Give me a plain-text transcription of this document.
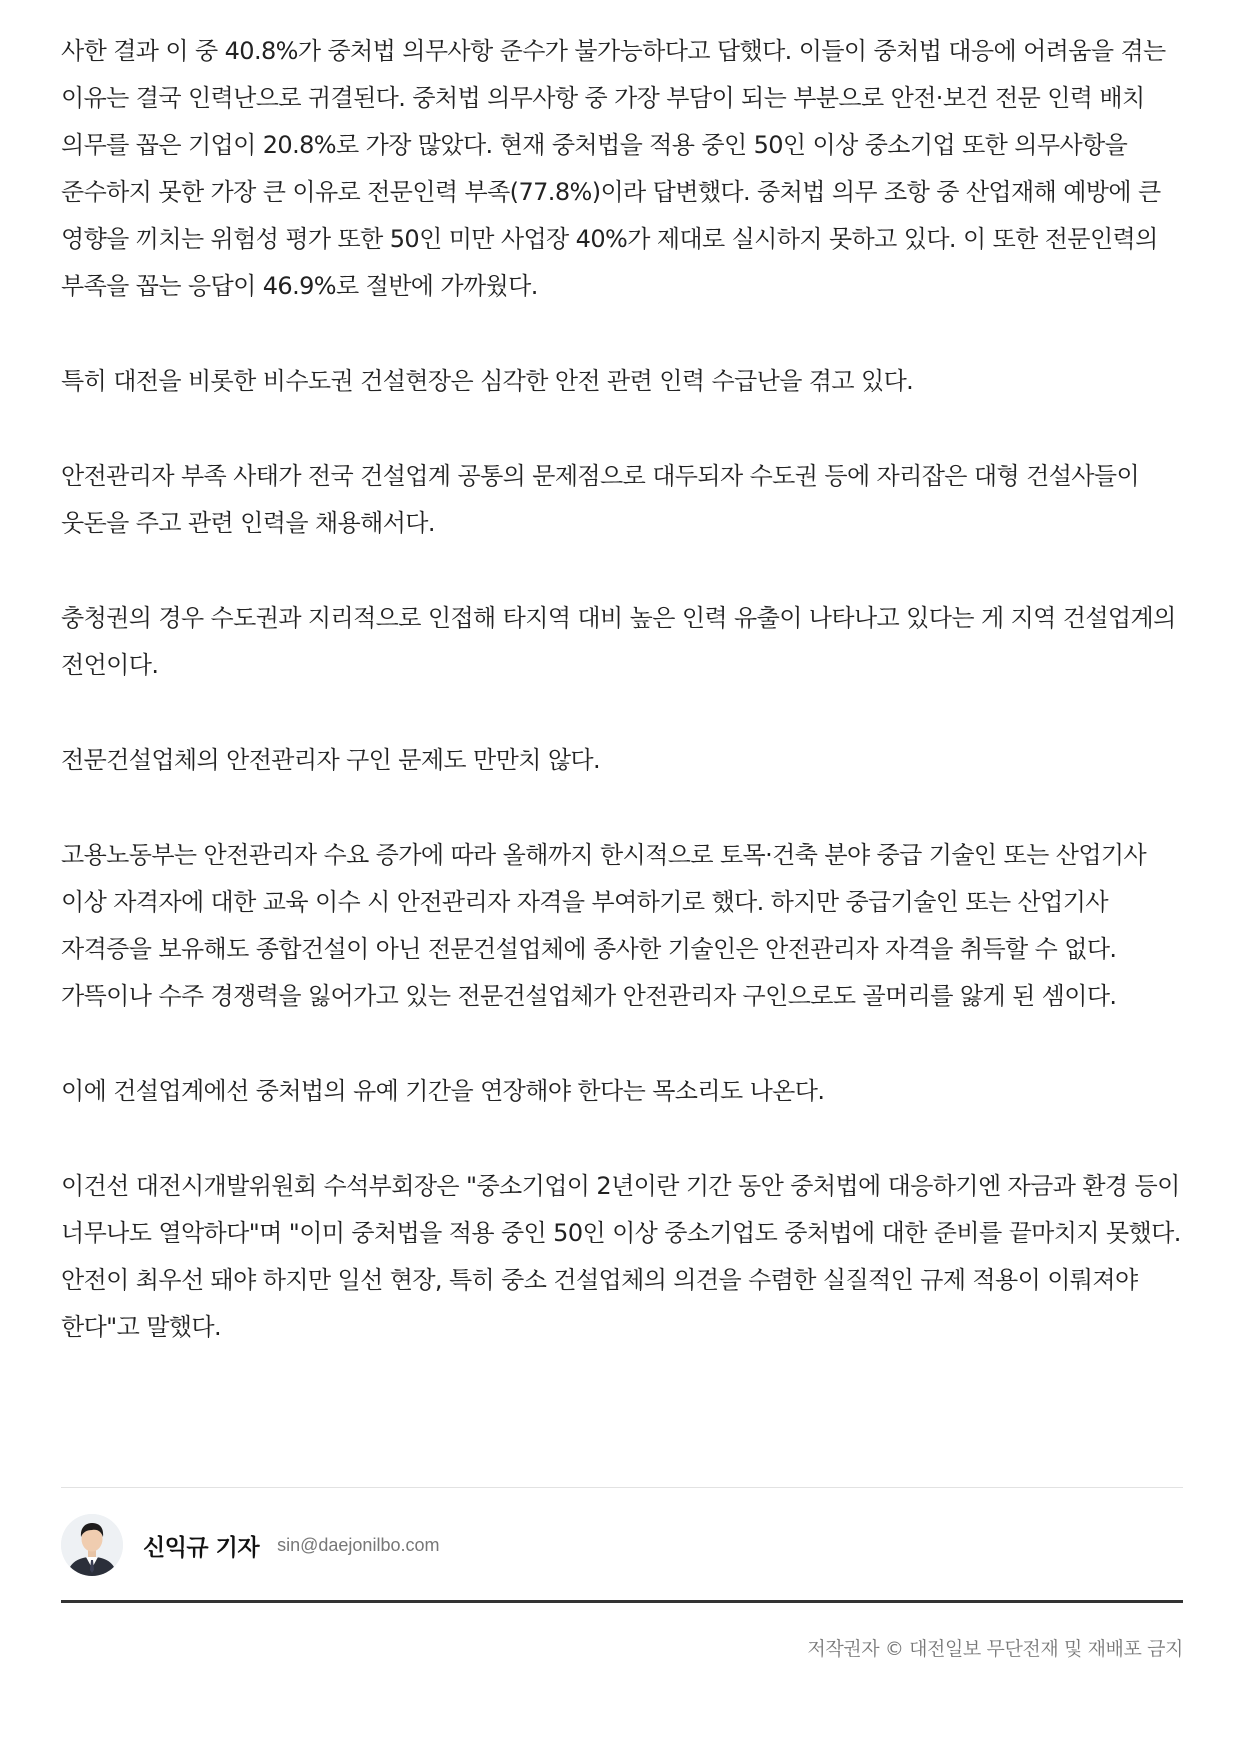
사한 결과 이 중 40.8%가 중처법 의무사항 준수가 불가능하다고 답했다. 이들이 중처법 대응에 어려움을 겪는 이유는 결국 인력난으로 귀결된다. 중처법 의무사항 중 가장 부담이 되는 부분으로 안전·보건 전문 인력 배치 의무를 꼽은 기업이 20.8%로 가장 많았다. 현재 중처법을 적용 중인 50인 이상 중소기업 또한 의무사항을 준수하지 못한 가장 큰 이유로 전문인력 부족(77.8%)이라 답변했다. 중처법 의무 조항 중 산업재해 예방에 큰 영향을 끼치는 위험성 평가 또한 50인 미만 사업장 40%가 제대로 실시하지 못하고 있다. 이 또한 전문인력의 부족을 꼽는 응답이 46.9%로 절반에 가까웠다.

특히 대전을 비롯한 비수도권 건설현장은 심각한 안전 관련 인력 수급난을 겪고 있다.

안전관리자 부족 사태가 전국 건설업계 공통의 문제점으로 대두되자 수도권 등에 자리잡은 대형 건설사들이 웃돈을 주고 관련 인력을 채용해서다.

충청권의 경우 수도권과 지리적으로 인접해 타지역 대비 높은 인력 유출이 나타나고 있다는 게 지역 건설업계의 전언이다.

전문건설업체의 안전관리자 구인 문제도 만만치 않다.

고용노동부는 안전관리자 수요 증가에 따라 올해까지 한시적으로 토목·건축 분야 중급 기술인 또는 산업기사 이상 자격자에 대한 교육 이수 시 안전관리자 자격을 부여하기로 했다. 하지만 중급기술인 또는 산업기사 자격증을 보유해도 종합건설이 아닌 전문건설업체에 종사한 기술인은 안전관리자 자격을 취득할 수 없다. 가뜩이나 수주 경쟁력을 잃어가고 있는 전문건설업체가 안전관리자 구인으로도 골머리를 앓게 된 셈이다.

이에 건설업계에선 중처법의 유예 기간을 연장해야 한다는 목소리도 나온다.

이건선 대전시개발위원회 수석부회장은 "중소기업이 2년이란 기간 동안 중처법에 대응하기엔 자금과 환경 등이 너무나도 열악하다"며 "이미 중처법을 적용 중인 50인 이상 중소기업도 중처법에 대한 준비를 끝마치지 못했다. 안전이 최우선 돼야 하지만 일선 현장, 특히 중소 건설업체의 의견을 수렴한 실질적인 규제 적용이 이뤄져야 한다"고 말했다.

신익규 기자 sin@daejonilbo.com
저작권자 © 대전일보 무단전재 및 재배포 금지
